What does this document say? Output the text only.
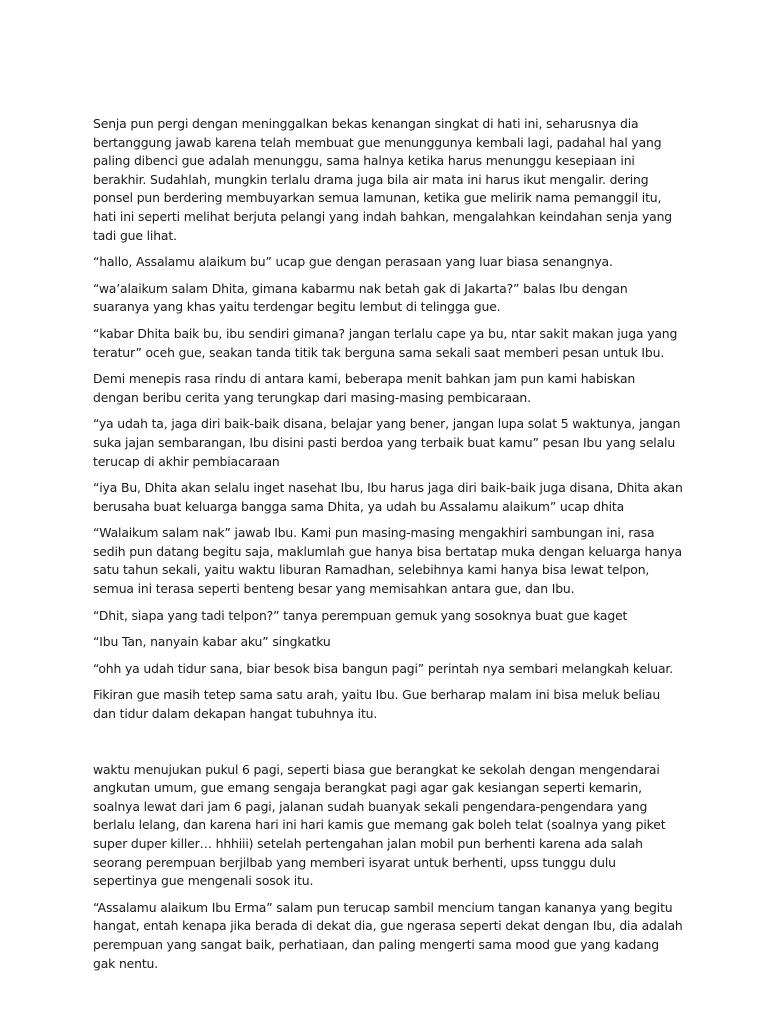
Senja pun pergi dengan meninggalkan bekas kenangan singkat di hati ini, seharusnya dia bertanggung jawab karena telah membuat gue menunggunya kembali lagi, padahal hal yang paling dibenci gue adalah menunggu, sama halnya ketika harus menunggu kesepiaan ini berakhir. Sudahlah, mungkin terlalu drama juga bila air mata ini harus ikut mengalir. dering ponsel pun berdering membuyarkan semua lamunan, ketika gue melirik nama pemanggil itu, hati ini seperti melihat berjuta pelangi yang indah bahkan, mengalahkan keindahan senja yang tadi gue lihat.

“hallo, Assalamu alaikum bu” ucap gue dengan perasaan yang luar biasa senangnya.

“wa’alaikum salam Dhita, gimana kabarmu nak betah gak di Jakarta?” balas Ibu dengan suaranya yang khas yaitu terdengar begitu lembut di telingga gue.

“kabar Dhita baik bu, ibu sendiri gimana? jangan terlalu cape ya bu, ntar sakit makan juga yang teratur” oceh gue, seakan tanda titik tak berguna sama sekali saat memberi pesan untuk Ibu.

Demi menepis rasa rindu di antara kami, beberapa menit bahkan jam pun kami habiskan dengan beribu cerita yang terungkap dari masing-masing pembicaraan.

“ya udah ta, jaga diri baik-baik disana, belajar yang bener, jangan lupa solat 5 waktunya, jangan suka jajan sembarangan, Ibu disini pasti berdoa yang terbaik buat kamu” pesan Ibu yang selalu terucap di akhir pembiacaraan

“iya Bu, Dhita akan selalu inget nasehat Ibu, Ibu harus jaga diri baik-baik juga disana, Dhita akan berusaha buat keluarga bangga sama Dhita, ya udah bu Assalamu alaikum” ucap dhita

“Walaikum salam nak” jawab Ibu. Kami pun masing-masing mengakhiri sambungan ini, rasa sedih pun datang begitu saja, maklumlah gue hanya bisa bertatap muka dengan keluarga hanya satu tahun sekali, yaitu waktu liburan Ramadhan, selebihnya kami hanya bisa lewat telpon, semua ini terasa seperti benteng besar yang memisahkan antara gue, dan Ibu.

“Dhit, siapa yang tadi telpon?” tanya perempuan gemuk yang sosoknya buat gue kaget

“Ibu Tan, nanyain kabar aku” singkatku

“ohh ya udah tidur sana, biar besok bisa bangun pagi” perintah nya sembari melangkah keluar.

Fikiran gue masih tetep sama satu arah, yaitu Ibu. Gue berharap malam ini bisa meluk beliau dan tidur dalam dekapan hangat tubuhnya itu.

waktu menujukan pukul 6 pagi, seperti biasa gue berangkat ke sekolah dengan mengendarai angkutan umum, gue emang sengaja berangkat pagi agar gak kesiangan seperti kemarin, soalnya lewat dari jam 6 pagi, jalanan sudah buanyak sekali pengendara-pengendara yang berlalu lelang, dan karena hari ini hari kamis gue memang gak boleh telat (soalnya yang piket super duper killer… hhhiii) setelah pertengahan jalan mobil pun berhenti karena ada salah seorang perempuan berjilbab yang memberi isyarat untuk berhenti, upss tunggu dulu sepertinya gue mengenali sosok itu.

“Assalamu alaikum Ibu Erma” salam pun terucap sambil mencium tangan kananya yang begitu hangat, entah kenapa jika berada di dekat dia, gue ngerasa seperti dekat dengan Ibu, dia adalah perempuan yang sangat baik, perhatiaan, dan paling mengerti sama mood gue yang kadang gak nentu.
